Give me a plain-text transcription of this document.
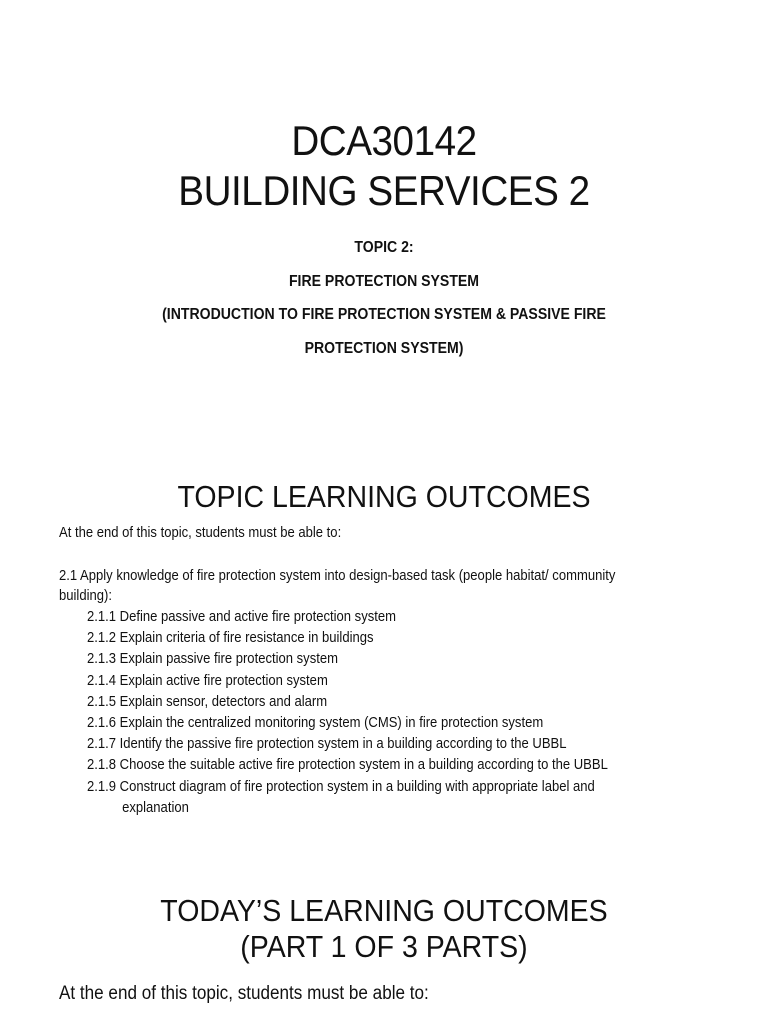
DCA30142
BUILDING SERVICES 2
TOPIC 2:
FIRE PROTECTION SYSTEM
(INTRODUCTION TO FIRE PROTECTION SYSTEM & PASSIVE FIRE
PROTECTION SYSTEM)
TOPIC LEARNING OUTCOMES
At the end of this topic, students must be able to:
2.1 Apply knowledge of fire protection system into design-based task (people habitat/ community
building):
2.1.1 Define passive and active fire protection system
2.1.2 Explain criteria of fire resistance in buildings
2.1.3 Explain passive fire protection system
2.1.4 Explain active fire protection system
2.1.5 Explain sensor, detectors and alarm
2.1.6 Explain the centralized monitoring system (CMS) in fire protection system
2.1.7 Identify the passive fire protection system in a building according to the UBBL
2.1.8 Choose the suitable active fire protection system in a building according to the UBBL
2.1.9 Construct diagram of fire protection system in a building with appropriate label and
explanation
TODAY’S LEARNING OUTCOMES
(PART 1 OF 3 PARTS)
At the end of this topic, students must be able to:
